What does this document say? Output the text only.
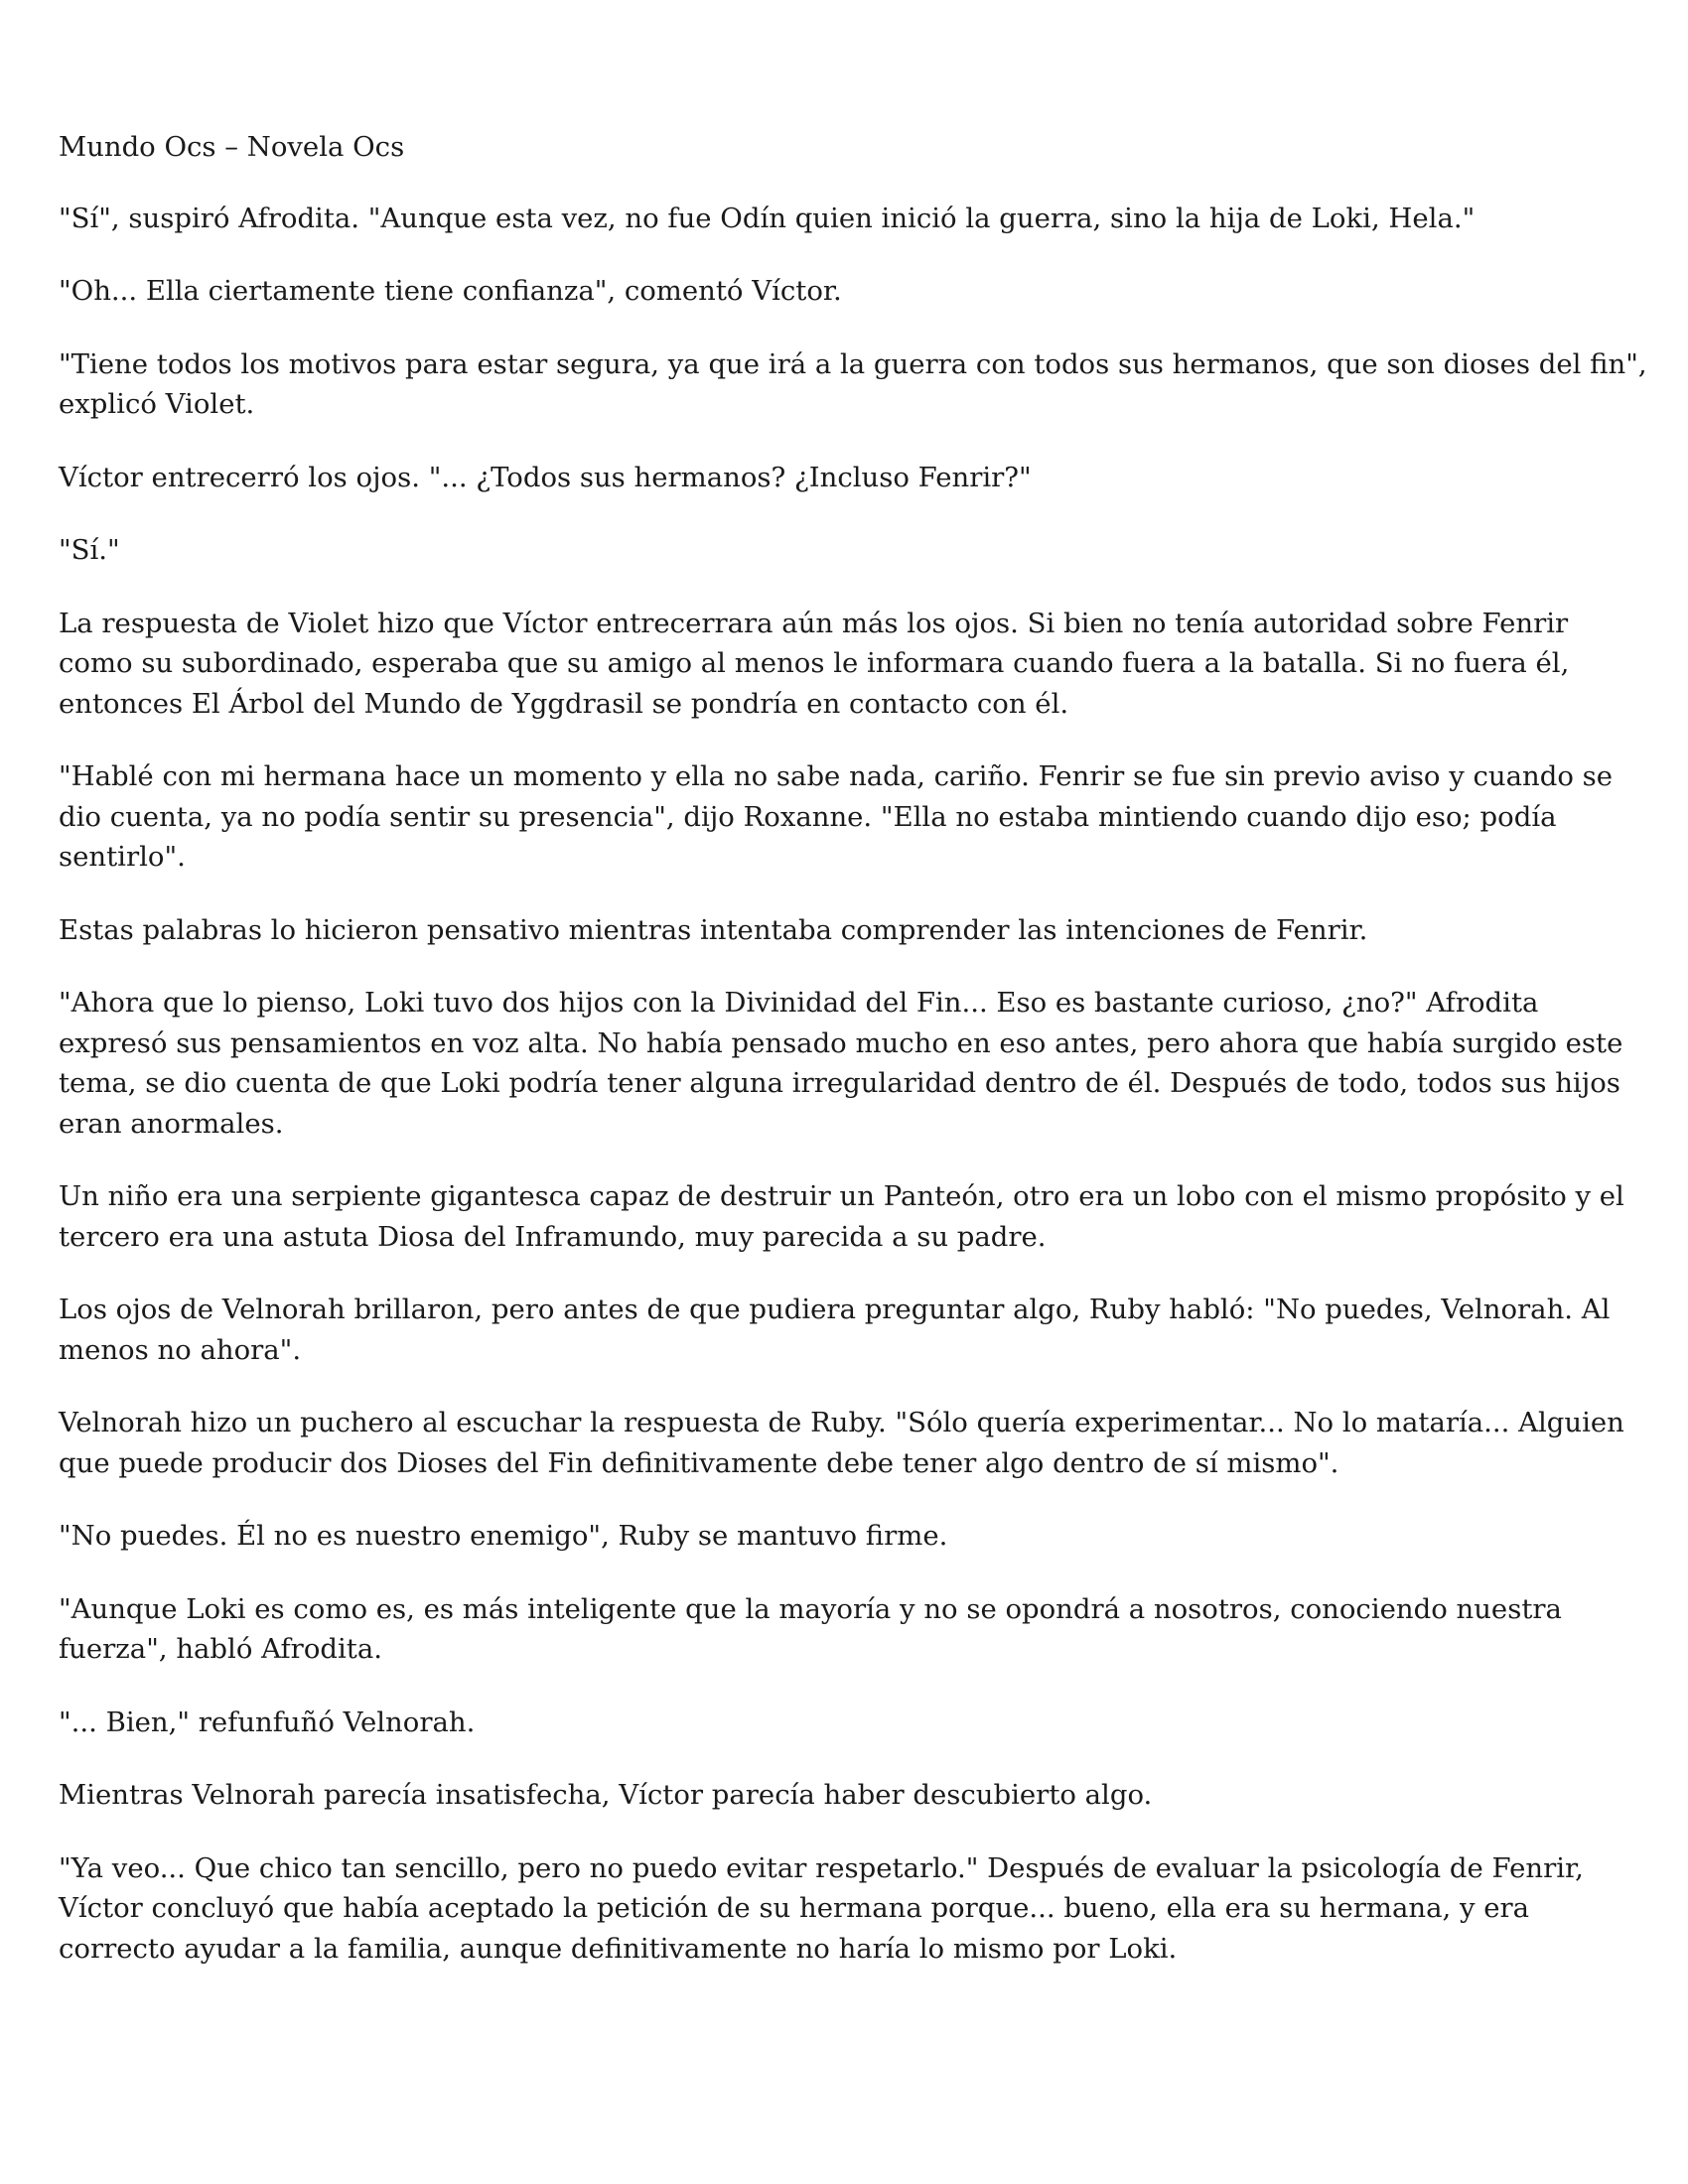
Mundo Ocs – Novela Ocs

"Sí", suspiró Afrodita. "Aunque esta vez, no fue Odín quien inició la guerra, sino la hija de Loki, Hela."

"Oh... Ella ciertamente tiene confianza", comentó Víctor.

"Tiene todos los motivos para estar segura, ya que irá a la guerra con todos sus hermanos, que son dioses del fin", explicó Violet.

Víctor entrecerró los ojos. "... ¿Todos sus hermanos? ¿Incluso Fenrir?"

"Sí."

La respuesta de Violet hizo que Víctor entrecerrara aún más los ojos. Si bien no tenía autoridad sobre Fenrir como su subordinado, esperaba que su amigo al menos le informara cuando fuera a la batalla. Si no fuera él, entonces El Árbol del Mundo de Yggdrasil se pondría en contacto con él.

"Hablé con mi hermana hace un momento y ella no sabe nada, cariño. Fenrir se fue sin previo aviso y cuando se dio cuenta, ya no podía sentir su presencia", dijo Roxanne. "Ella no estaba mintiendo cuando dijo eso; podía sentirlo".

Estas palabras lo hicieron pensativo mientras intentaba comprender las intenciones de Fenrir.

"Ahora que lo pienso, Loki tuvo dos hijos con la Divinidad del Fin... Eso es bastante curioso, ¿no?" Afrodita expresó sus pensamientos en voz alta. No había pensado mucho en eso antes, pero ahora que había surgido este tema, se dio cuenta de que Loki podría tener alguna irregularidad dentro de él. Después de todo, todos sus hijos eran anormales.

Un niño era una serpiente gigantesca capaz de destruir un Panteón, otro era un lobo con el mismo propósito y el tercero era una astuta Diosa del Inframundo, muy parecida a su padre.

Los ojos de Velnorah brillaron, pero antes de que pudiera preguntar algo, Ruby habló: "No puedes, Velnorah. Al menos no ahora".

Velnorah hizo un puchero al escuchar la respuesta de Ruby. "Sólo quería experimentar... No lo mataría... Alguien que puede producir dos Dioses del Fin definitivamente debe tener algo dentro de sí mismo".

"No puedes. Él no es nuestro enemigo", Ruby se mantuvo firme.

"Aunque Loki es como es, es más inteligente que la mayoría y no se opondrá a nosotros, conociendo nuestra fuerza", habló Afrodita.

"... Bien," refunfuñó Velnorah.

Mientras Velnorah parecía insatisfecha, Víctor parecía haber descubierto algo.

"Ya veo... Que chico tan sencillo, pero no puedo evitar respetarlo." Después de evaluar la psicología de Fenrir, Víctor concluyó que había aceptado la petición de su hermana porque... bueno, ella era su hermana, y era correcto ayudar a la familia, aunque definitivamente no haría lo mismo por Loki.
